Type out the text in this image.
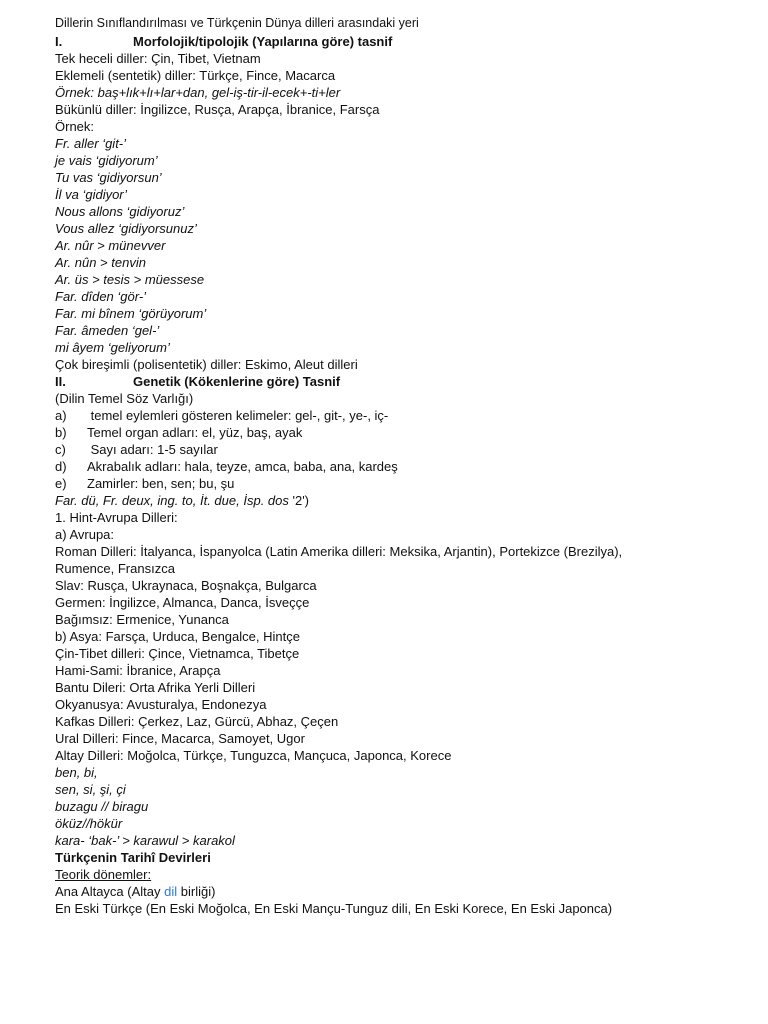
Dillerin Sınıflandırılması ve Türkçenin Dünya dilleri arasındaki yeri
I.	Morfolojik/tipolojik (Yapılarına göre) tasnif
Tek heceli diller: Çin, Tibet, Vietnam
Eklemeli (sentetik) diller: Türkçe, Fince, Macarca
Örnek: baş+lık+lı+lar+dan, gel-iş-tir-il-ecek+-ti+ler
Bükünlü diller: İngilizce, Rusça, Arapça, İbranice, Farsça
Örnek:
Fr. aller ‘git-’
je vais ‘gidiyorum’
Tu vas ‘gidiyorsun’
İl va ‘gidiyor’
Nous allons ‘gidiyoruz’
Vous allez ‘gidiyorsunuz’
Ar. nûr > münevver
Ar. nûn > tenvin
Ar. üs > tesis > müessese
Far. dîden ‘gör-’
Far. mi bînem ‘görüyorum’
Far. âmeden ‘gel-’
mi âyem ‘geliyorum’
Çok bireşimli (polisentetik) diller: Eskimo, Aleut dilleri
II.	Genetik (Kökenlerine göre) Tasnif
(Dilin Temel Söz Varlığı)
a) temel eylemleri gösteren kelimeler: gel-, git-, ye-, iç-
b) Temel organ adları: el, yüz, baş, ayak
c) Sayı adarı: 1-5 sayılar
d) Akrabalık adları: hala, teyze, amca, baba, ana, kardeş
e) Zamirler: ben, sen; bu, şu
Far. dü, Fr. deux, ing. to, İt. due, İsp. dos '2')
1. Hint-Avrupa Dilleri:
a) Avrupa:
Roman Dilleri: İtalyanca, İspanyolca (Latin Amerika dilleri: Meksika, Arjantin), Portekizce (Brezilya),
Rumence, Fransızca
Slav: Rusça, Ukraynaca, Boşnakça, Bulgarca
Germen: İngilizce, Almanca, Danca, İsveççe
Bağımsız: Ermenice, Yunanca
b) Asya: Farsça, Urduca, Bengalce, Hintçe
Çin-Tibet dilleri: Çince, Vietnamca, Tibetçe
Hami-Sami: İbranice, Arapça
Bantu Dileri: Orta Afrika Yerli Dilleri
Okyanusya: Avusturalya, Endonezya
Kafkas Dilleri: Çerkez, Laz, Gürcü, Abhaz, Çeçen
Ural Dilleri: Fince, Macarca, Samoyet, Ugor
Altay Dilleri: Moğolca, Türkçe, Tunguzca, Mançuca, Japonca, Korece
ben, bi,
sen, si, şi, çi
buzagu // biragu
öküz//hökür
kara- ‘bak-’ > karawul > karakol
Türkçenin Tarihî Devirleri
Teorik dönemler:
Ana Altayca (Altay dil birliği)
En Eski Türkçe (En Eski Moğolca, En Eski Mançu-Tunguz dili, En Eski Korece, En Eski Japonca)
